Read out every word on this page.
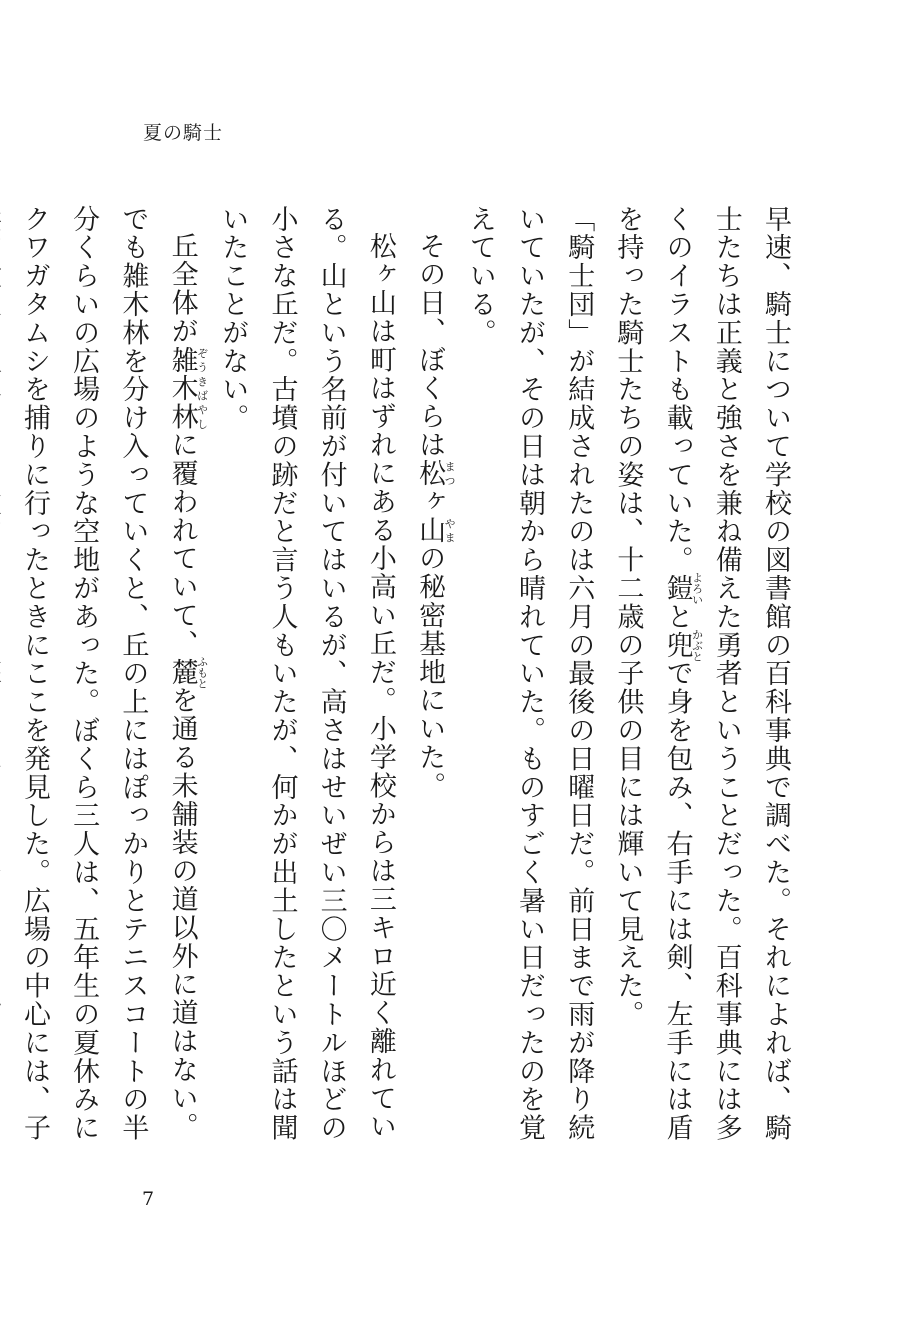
夏の騎士

早速、騎士について学校の図書館の百科事典で調べた。それによれば、騎士たちは正義と強さを兼ね備えた勇者ということだった。百科事典には多くのイラストも載っていた。鎧よろいと兜かぶとで身を包み、右手には剣、左手には盾を持った騎士たちの姿は、十二歳の子供の目には輝いて見えた。

「騎士団」が結成されたのは六月の最後の日曜日だ。前日まで雨が降り続いていたが、その日は朝から晴れていた。ものすごく暑い日だったのを覚えている。

その日、ぼくらは松まつヶ山やまの秘密基地にいた。

松ヶ山は町はずれにある小高い丘だ。小学校からは三キロ近く離れている。山という名前が付いてはいるが、高さはせいぜい三〇メートルほどの小さな丘だ。古墳の跡だと言う人もいたが、何かが出土したという話は聞いたことがない。

丘全体が雑木林ぞうきばやしに覆われていて、麓ふもとを通る未舗装の道以外に道はない。でも雑木林を分け入っていくと、丘の上にはぽっかりとテニスコートの半分くらいの広場のような空地があった。ぼくら三人は、五年生の夏休みにクワガタムシを捕りに行ったときにここを発見した。広場の中心には、子

7
